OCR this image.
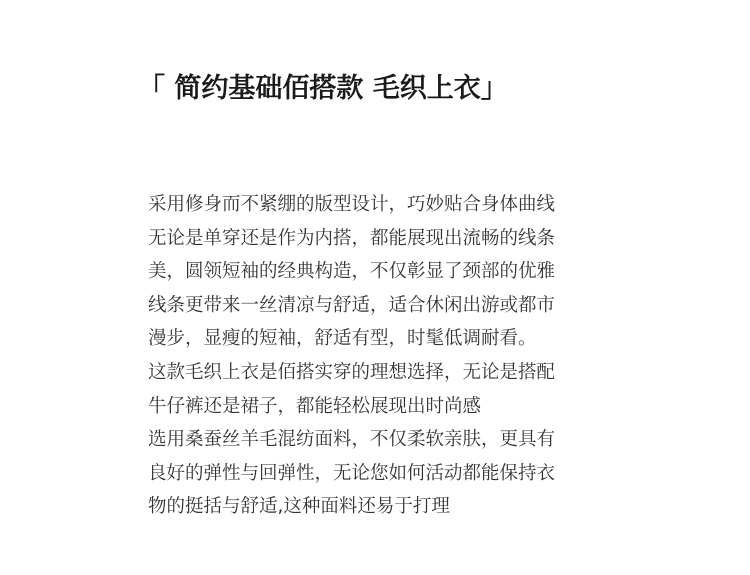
「 简约基础佰搭款 毛织上衣」
采用修身而不紧绷的版型设计，巧妙贴合身体曲线
无论是单穿还是作为内搭，都能展现出流畅的线条
美，圆领短袖的经典构造，不仅彰显了颈部的优雅
线条更带来一丝清凉与舒适，适合休闲出游或都市
漫步，显瘦的短袖，舒适有型，时髦低调耐看。
这款毛织上衣是佰搭实穿的理想选择，无论是搭配
牛仔裤还是裙子，都能轻松展现出时尚感
选用桑蚕丝羊毛混纺面料，不仅柔软亲肤，更具有
良好的弹性与回弹性，无论您如何活动都能保持衣
物的挺括与舒适,这种面料还易于打理
